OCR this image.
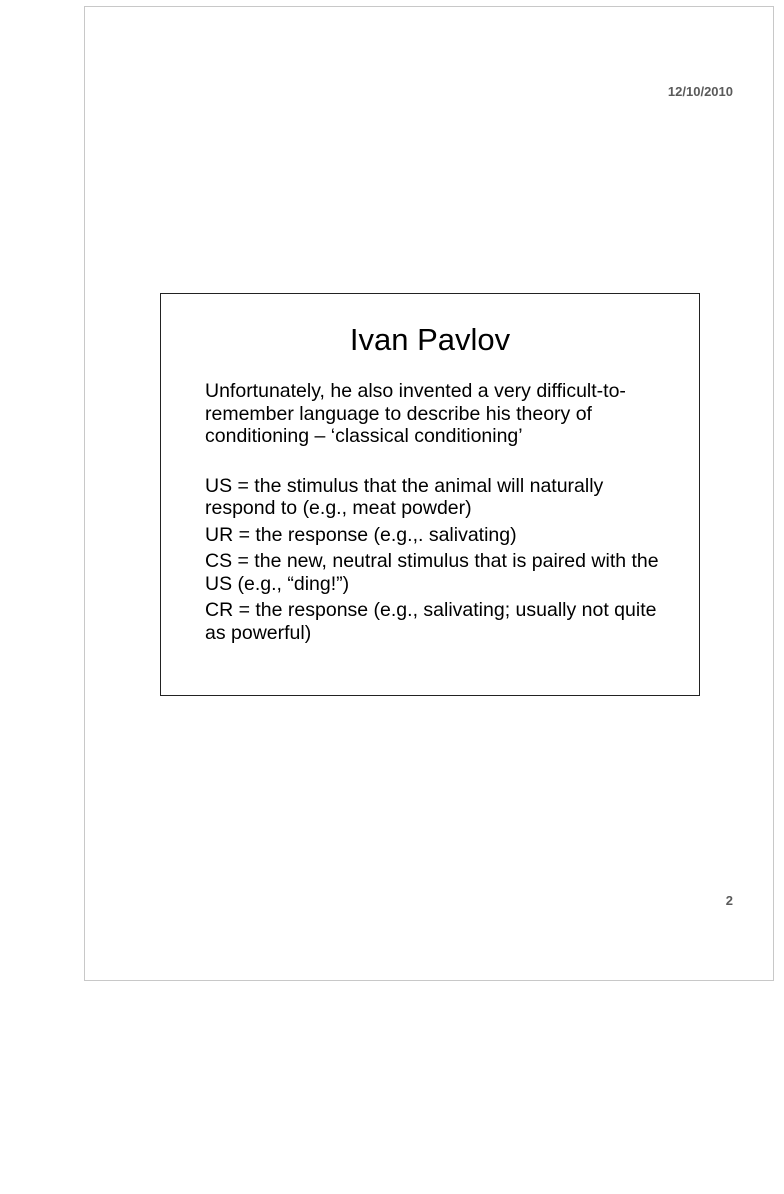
12/10/2010
Ivan Pavlov

Unfortunately, he also invented a very difficult-to-remember language to describe his theory of conditioning – ‘classical conditioning’

US = the stimulus that the animal will naturally respond to (e.g., meat powder)

UR = the response (e.g.,. salivating)

CS = the new, neutral stimulus that is paired with the US (e.g., “ding!”)

CR = the response (e.g., salivating; usually not quite as powerful)

2
